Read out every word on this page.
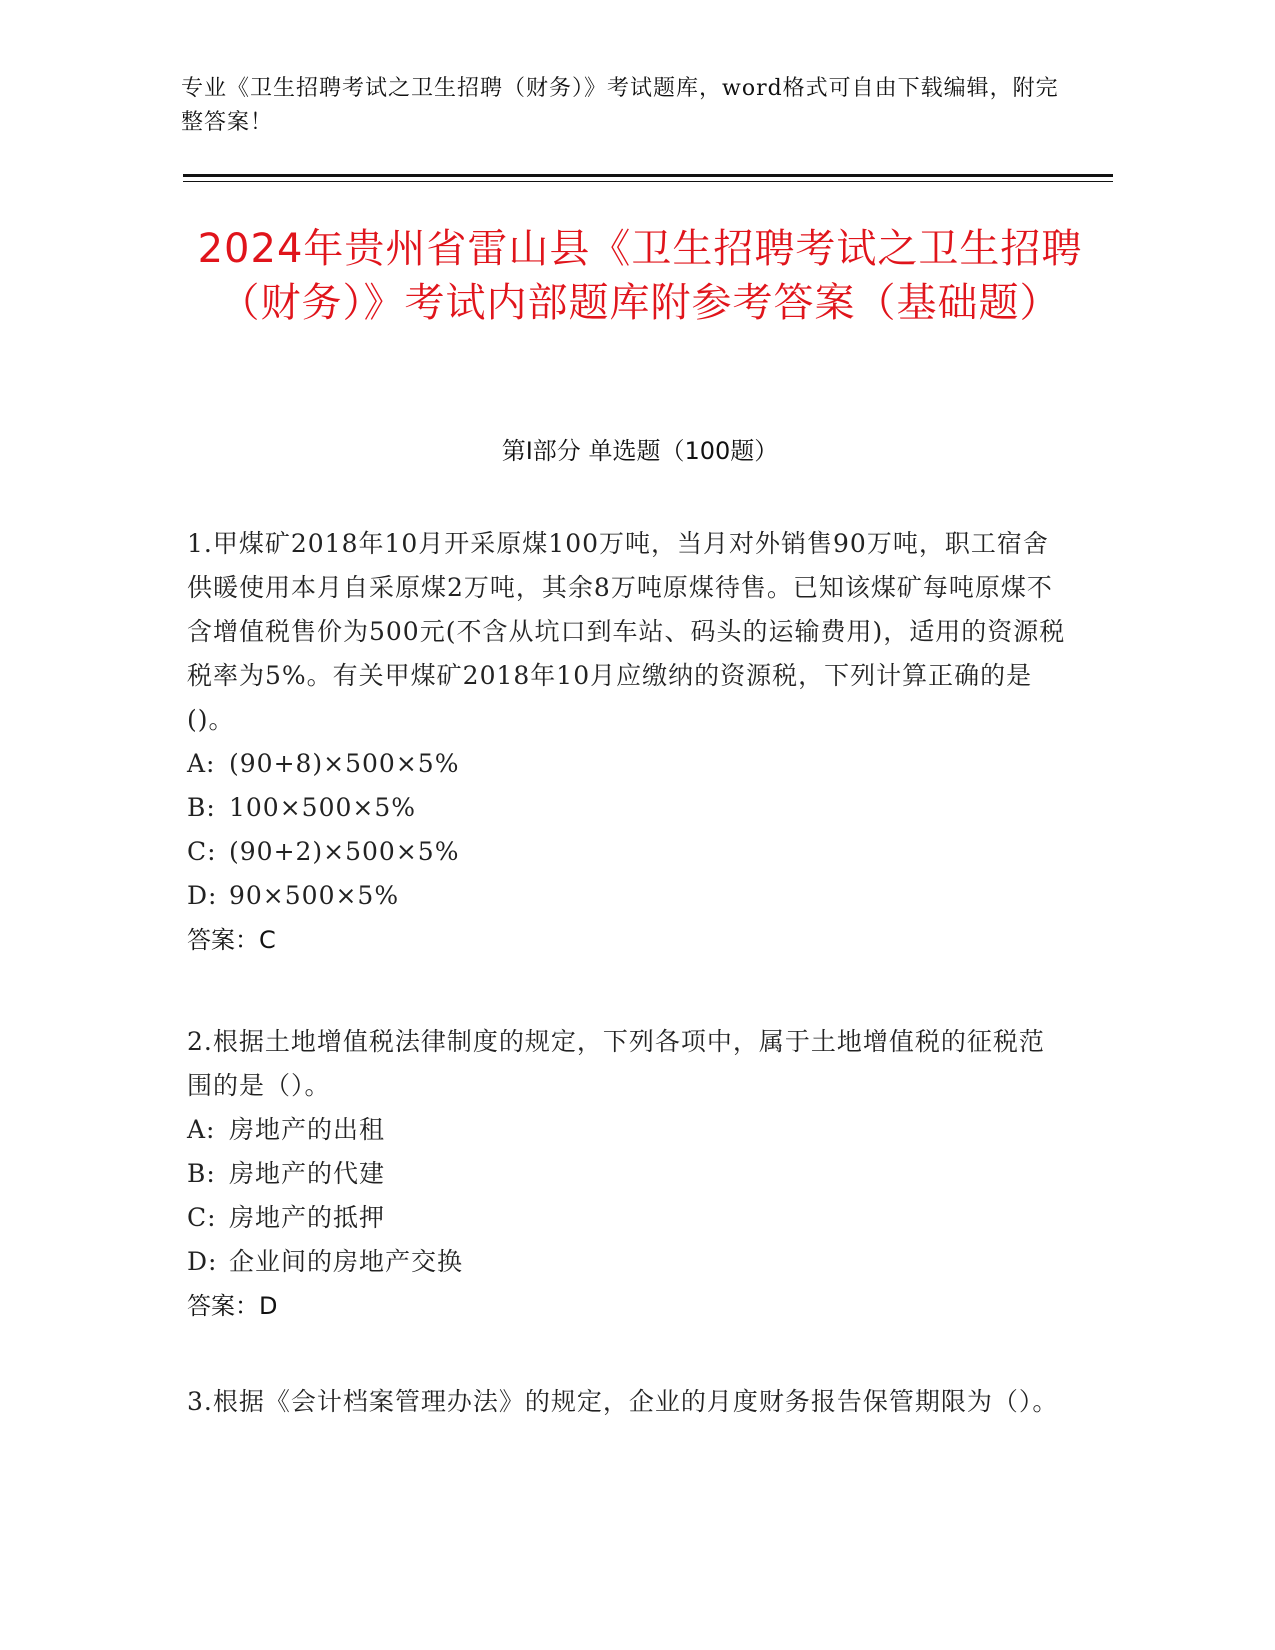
专业《卫生招聘考试之卫生招聘（财务）》考试题库，word格式可自由下载编辑，附完整答案！
2024年贵州省雷山县《卫生招聘考试之卫生招聘（财务）》考试内部题库附参考答案（基础题）
第Ⅰ部分 单选题（100题）

1.甲煤矿2018年10月开采原煤100万吨，当月对外销售90万吨，职工宿舍供暖使用本月自采原煤2万吨，其余8万吨原煤待售。已知该煤矿每吨原煤不含增值税售价为500元(不含从坑口到车站、码头的运输费用)，适用的资源税税率为5%。有关甲煤矿2018年10月应缴纳的资源税，下列计算正确的是()。

A: (90+8)×500×5%

B: 100×500×5%

C: (90+2)×500×5%

D: 90×500×5%

答案：C

2.根据土地增值税法律制度的规定，下列各项中，属于土地增值税的征税范围的是（）。

A: 房地产的出租

B: 房地产的代建

C: 房地产的抵押

D: 企业间的房地产交换

答案：D

3.根据《会计档案管理办法》的规定，企业的月度财务报告保管期限为（）。
